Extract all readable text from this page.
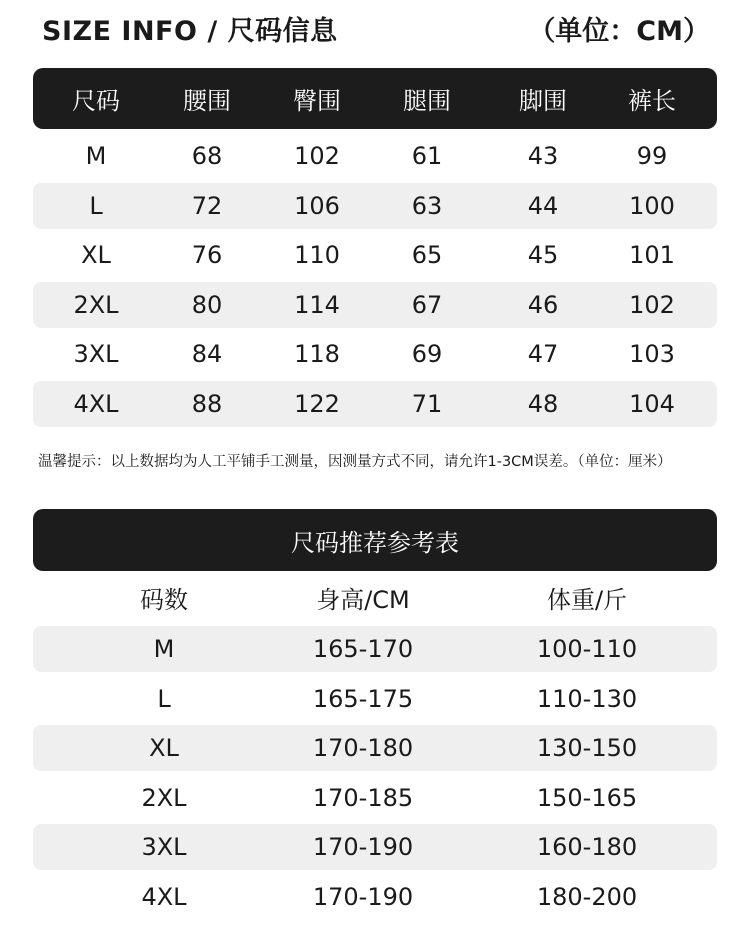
SIZE INFO / 尺码信息	（单位：CM）
尺码	腰围	臀围	腿围	脚围	裤长
M	68	102	61	43	99
L	72	106	63	44	100
XL	76	110	65	45	101
2XL	80	114	67	46	102
3XL	84	118	69	47	103
4XL	88	122	71	48	104
温馨提示：以上数据均为人工平铺手工测量，因测量方式不同，请允许1-3CM误差。（单位：厘米）
尺码推荐参考表
码数	身高/CM	体重/斤
M	165-170	100-110
L	165-175	110-130
XL	170-180	130-150
2XL	170-185	150-165
3XL	170-190	160-180
4XL	170-190	180-200
